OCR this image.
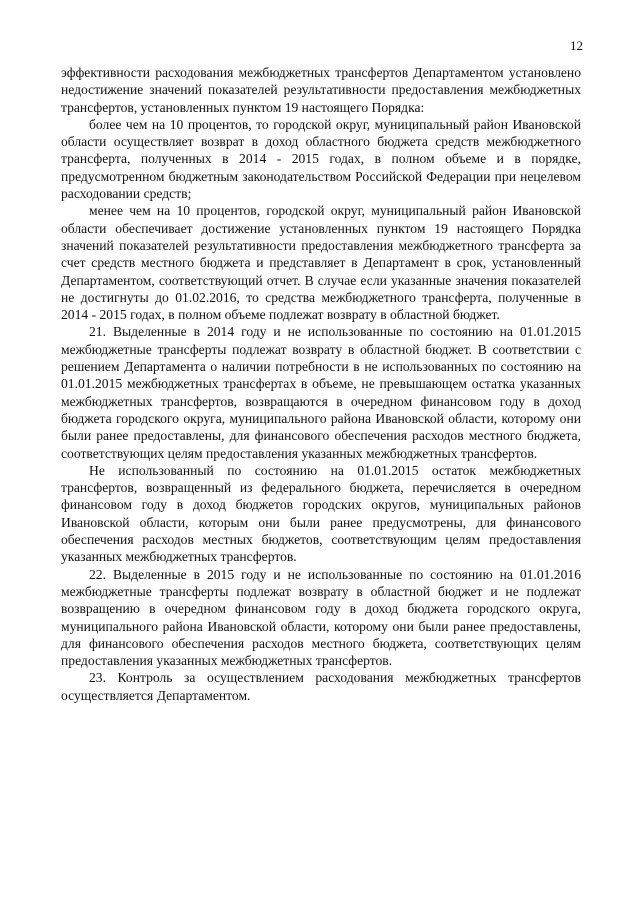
12

эффективности расходования межбюджетных трансфертов Департаментом установлено недостижение значений показателей результативности предоставления межбюджетных трансфертов, установленных пунктом 19 настоящего Порядка:

более чем на 10 процентов, то городской округ, муниципальный район Ивановской области осуществляет возврат в доход областного бюджета средств межбюджетного трансферта, полученных в 2014 - 2015 годах, в полном объеме и в порядке, предусмотренном бюджетным законодательством Российской Федерации при нецелевом расходовании средств;

менее чем на 10 процентов, городской округ, муниципальный район Ивановской области обеспечивает достижение установленных пунктом 19 настоящего Порядка значений показателей результативности предоставления межбюджетного трансферта за счет средств местного бюджета и представляет в Департамент в срок, установленный Департаментом, соответствующий отчет. В случае если указанные значения показателей не достигнуты до 01.02.2016, то средства межбюджетного трансферта, полученные в 2014 - 2015 годах, в полном объеме подлежат возврату в областной бюджет.

21. Выделенные в 2014 году и не использованные по состоянию на 01.01.2015 межбюджетные трансферты подлежат возврату в областной бюджет. В соответствии с решением Департамента о наличии потребности в не использованных по состоянию на 01.01.2015 межбюджетных трансфертах в объеме, не превышающем остатка указанных межбюджетных трансфертов, возвращаются в очередном финансовом году в доход бюджета городского округа, муниципального района Ивановской области, которому они были ранее предоставлены, для финансового обеспечения расходов местного бюджета, соответствующих целям предоставления указанных межбюджетных трансфертов.

Не использованный по состоянию на 01.01.2015 остаток межбюджетных трансфертов, возвращенный из федерального бюджета, перечисляется в очередном финансовом году в доход бюджетов городских округов, муниципальных районов Ивановской области, которым они были ранее предусмотрены, для финансового обеспечения расходов местных бюджетов, соответствующим целям предоставления указанных межбюджетных трансфертов.

22. Выделенные в 2015 году и не использованные по состоянию на 01.01.2016 межбюджетные трансферты подлежат возврату в областной бюджет и не подлежат возвращению в очередном финансовом году в доход бюджета городского округа, муниципального района Ивановской области, которому они были ранее предоставлены, для финансового обеспечения расходов местного бюджета, соответствующих целям предоставления указанных межбюджетных трансфертов.

23. Контроль за осуществлением расходования межбюджетных трансфертов осуществляется Департаментом.
